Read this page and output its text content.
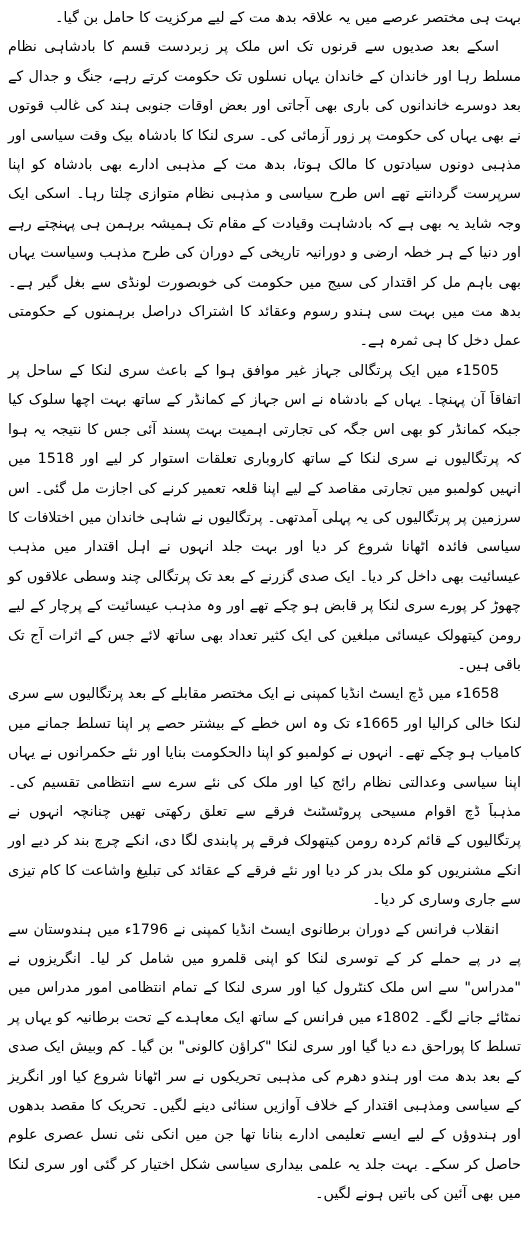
بہت ہی مختصر عرصے میں یہ علاقہ بدھ مت کے لیے مرکزیت کا حامل بن گیا۔

اسکے بعد صدیوں سے قرنوں تک اس ملک پر زبردست قسم کا بادشاہی نظام مسلط رہا اور خاندان کے خاندان یہاں نسلوں تک حکومت کرتے رہے، جنگ و جدال کے بعد دوسرے خاندانوں کی باری بھی آجاتی اور بعض اوقات جنوبی ہند کی غالب قوتوں نے بھی یہاں کی حکومت پر زور آزمائی کی۔ سری لنکا کا بادشاہ بیک وقت سیاسی اور مذہبی دونوں سیادتوں کا مالک ہوتا، بدھ مت کے مذہبی ادارے بھی بادشاہ کو اپنا سرپرست گردانتے تھے اس طرح سیاسی و مذہبی نظام متوازی چلتا رہا۔ اسکی ایک وجہ شاید یہ بھی ہے کہ بادشاہت وقیادت کے مقام تک ہمیشہ برہمن ہی پہنچتے رہے اور دنیا کے ہر خطہ ارضی و دورانیہ تاریخی کے دوران کی طرح مذہب وسیاست یہاں بھی باہم مل کر اقتدار کی سیج میں حکومت کی خوبصورت لونڈی سے بغل گیر ہے۔ بدھ مت میں بہت سی ہندو رسوم وعقائد کا اشتراک دراصل برہمنوں کے حکومتی عمل دخل کا ہی ثمرہ ہے۔

1505ء میں ایک پرتگالی جہاز غیر موافق ہوا کے باعث سری لنکا کے ساحل پر اتفاقاََ آن پہنچا۔ یہاں کے بادشاہ نے اس جہاز کے کمانڈر کے ساتھ بہت اچھا سلوک کیا جبکہ کمانڈر کو بھی اس جگہ کی تجارتی اہمیت بہت پسند آئی جس کا نتیجہ یہ ہوا کہ پرتگالیوں نے سری لنکا کے ساتھ کاروباری تعلقات استوار کر لیے اور 1518 میں انہیں کولمبو میں تجارتی مقاصد کے لیے اپنا قلعہ تعمیر کرنے کی اجازت مل گئی۔ اس سرزمین پر پرتگالیوں کی یہ پہلی آمدتھی۔ پرتگالیوں نے شاہی خاندان میں اختلافات کا سیاسی فائدہ اٹھانا شروع کر دیا اور بہت جلد انہوں نے اہل اقتدار میں مذہب عیسائیت بھی داخل کر دیا۔ ایک صدی گزرنے کے بعد تک پرتگالی چند وسطی علاقوں کو چھوڑ کر پورے سری لنکا پر قابض ہو چکے تھے اور وہ مذہب عیسائیت کے پرچار کے لیے رومن کیتھولک عیسائی مبلغین کی ایک کثیر تعداد بھی ساتھ لائے جس کے اثرات آج تک باقی ہیں۔

1658ء میں ڈچ ایسٹ انڈیا کمپنی نے ایک مختصر مقابلے کے بعد پرتگالیوں سے سری لنکا خالی کرالیا اور 1665ء تک وہ اس خطے کے بیشتر حصے پر اپنا تسلط جمانے میں کامیاب ہو چکے تھے۔ انہوں نے کولمبو کو اپنا دالحکومت بنایا اور نئے حکمرانوں نے یہاں اپنا سیاسی وعدالتی نظام رائج کیا اور ملک کی نئے سرے سے انتظامی تقسیم کی۔ مذہباََ ڈچ اقوام مسیحی پروٹسٹنٹ فرقے سے تعلق رکھتی تھیں چنانچہ انہوں نے پرتگالیوں کے قائم کردہ رومن کیتھولک فرقے پر پابندی لگا دی، انکے چرچ بند کر دیے اور انکے مشنریوں کو ملک بدر کر دیا اور نئے فرقے کے عقائد کی تبلیغ واشاعت کا کام تیزی سے جاری وساری کر دیا۔

انقلاب فرانس کے دوران برطانوی ایسٹ انڈیا کمپنی نے 1796ء میں ہندوستان سے پے در پے حملے کر کے توسری لنکا کو اپنی قلمرو میں شامل کر لیا۔ انگریزوں نے "مدراس" سے اس ملک کنٹرول کیا اور سری لنکا کے تمام انتظامی امور مدراس میں نمٹائے جانے لگے۔ 1802ء میں فرانس کے ساتھ ایک معاہدے کے تحت برطانیہ کو یہاں پر تسلط کا پوراحق دے دیا گیا اور سری لنکا "کراؤن کالونی" بن گیا۔ کم وبیش ایک صدی کے بعد بدھ مت اور ہندو دھرم کی مذہبی تحریکوں نے سر اٹھانا شروع کیا اور انگریز کے سیاسی ومذہبی اقتدار کے خلاف آوازیں سنائی دینے لگیں۔ تحریک کا مقصد بدھوں اور ہندوؤں کے لیے ایسے تعلیمی ادارے بنانا تھا جن میں انکی نئی نسل عصری علوم حاصل کر سکے۔ بہت جلد یہ علمی بیداری سیاسی شکل اختیار کر گئی اور سری لنکا میں بھی آئین کی باتیں ہونے لگیں۔
